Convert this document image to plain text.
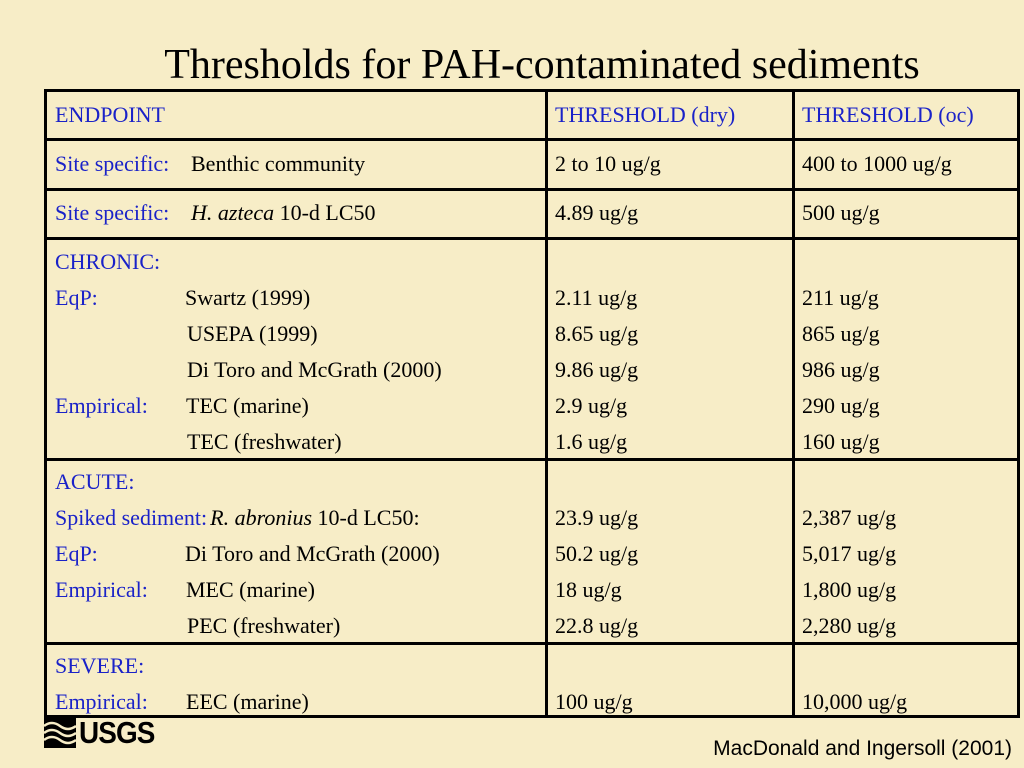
Thresholds for PAH-contaminated sediments
ENDPOINT	THRESHOLD (dry)	THRESHOLD (oc)
Site specific: Benthic community	2 to 10 ug/g	400 to 1000 ug/g
Site specific: H. azteca 10-d LC50	4.89 ug/g	500 ug/g
CHRONIC:
EqP:	Swartz (1999)	2.11 ug/g	211 ug/g
USEPA (1999)	8.65 ug/g	865 ug/g
Di Toro and McGrath (2000)	9.86 ug/g	986 ug/g
Empirical: TEC (marine)	2.9 ug/g	290 ug/g
TEC (freshwater)	1.6 ug/g	160 ug/g
ACUTE:
Spiked sediment: R. abronius 10-d LC50:	23.9 ug/g	2,387 ug/g
EqP:	Di Toro and McGrath (2000)	50.2 ug/g	5,017 ug/g
Empirical: MEC (marine)	18 ug/g	1,800 ug/g
PEC (freshwater)	22.8 ug/g	2,280 ug/g
SEVERE:
Empirical: EEC (marine)	100 ug/g	10,000 ug/g
USGS	MacDonald and Ingersoll (2001)
